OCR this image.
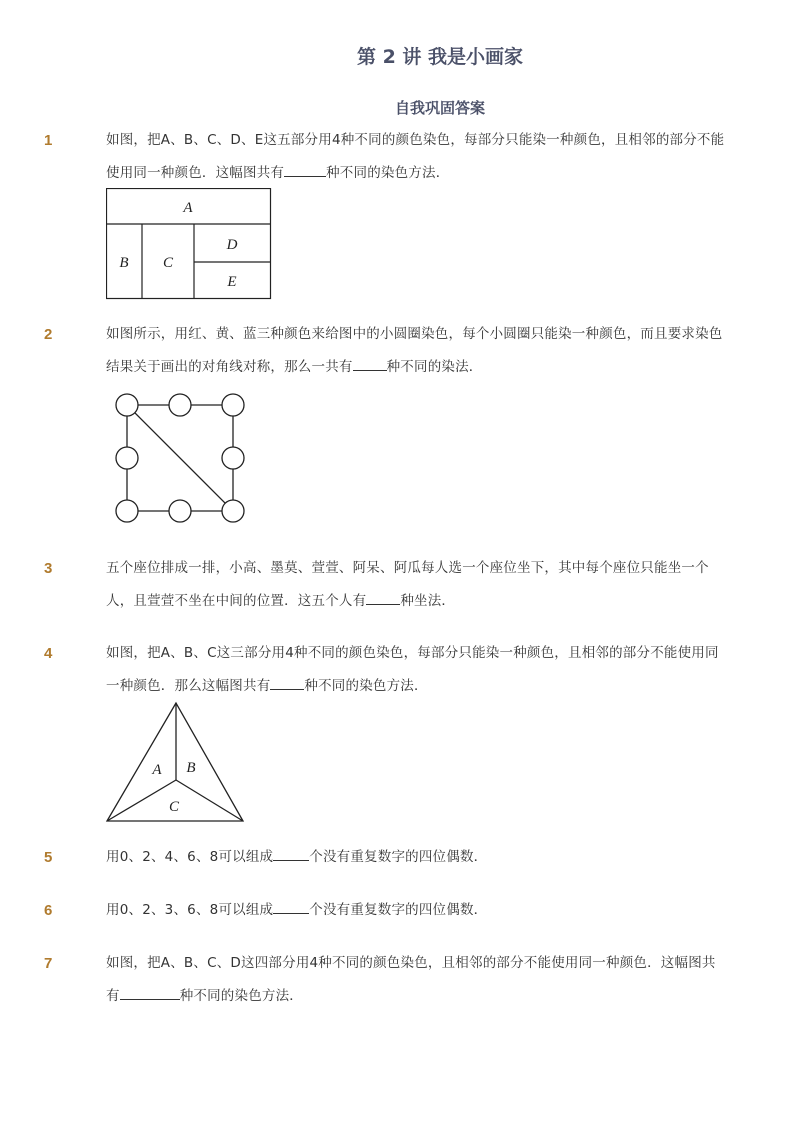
第 2 讲 我是小画家
自我巩固答案
1	如图，把A、B、C、D、E这五部分用4种不同的颜色染色，每部分只能染一种颜色，且相邻的部分不能使用同一种颜色．这幅图共有	种不同的染色方法．
A
B C
D
E
2	如图所示，用红、黄、蓝三种颜色来给图中的小圆圈染色，每个小圆圈只能染一种颜色，而且要求染色结果关于画出的对角线对称，那么一共有	种不同的染法．
3	五个座位排成一排，小高、墨莫、萱萱、阿呆、阿瓜每人选一个座位坐下，其中每个座位只能坐一个人，且萱萱不坐在中间的位置．这五个人有	种坐法．
4	如图，把A、B、C这三部分用4种不同的颜色染色，每部分只能染一种颜色，且相邻的部分不能使用同一种颜色．那么这幅图共有	种不同的染色方法．
A B
C
5	用0、2、4、6、8可以组成	个没有重复数字的四位偶数．
6	用0、2、3、6、8可以组成	个没有重复数字的四位偶数．
7	如图，把A、B、C、D这四部分用4种不同的颜色染色，且相邻的部分不能使用同一种颜色．这幅图共有	种不同的染色方法．
